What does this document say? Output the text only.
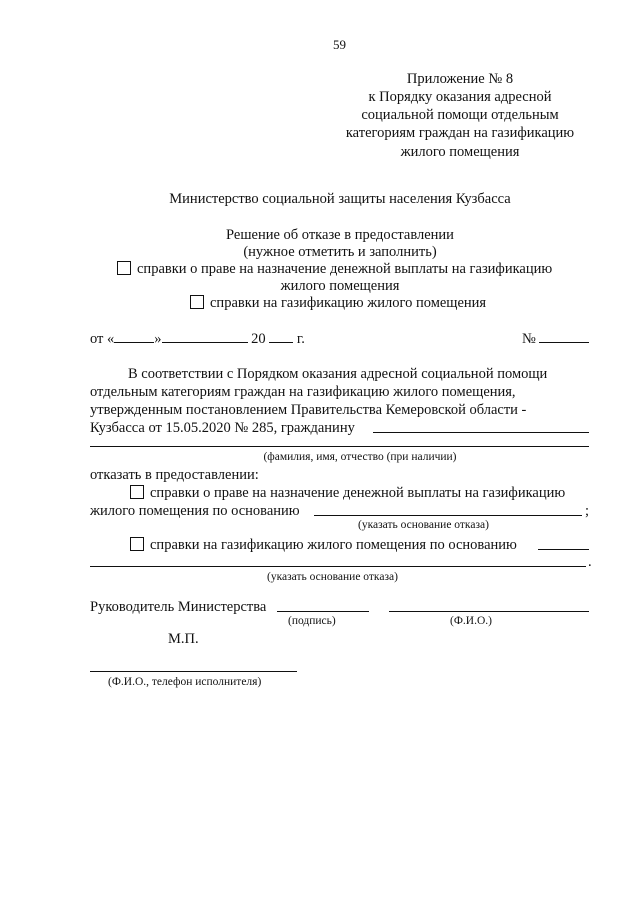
59
Приложение № 8
к Порядку оказания адресной
социальной помощи отдельным
категориям граждан на газификацию
жилого помещения
Министерство социальной защиты населения Кузбасса
Решение об отказе в предоставлении
(нужное отметить и заполнить)
справки о праве на назначение денежной выплаты на газификацию
жилого помещения
справки на газификацию жилого помещения
от «	»	20 г.	№
В соответствии с Порядком оказания адресной социальной помощи
отдельным категориям граждан на газификацию жилого помещения,
утвержденным постановлением Правительства Кемеровской области -
Кузбасса от 15.05.2020 № 285, гражданину
(фамилия, имя, отчество (при наличии)
отказать в предоставлении:
справки о праве на назначение денежной выплаты на газификацию
жилого помещения по основанию	;
(указать основание отказа)
справки на газификацию жилого помещения по основанию
.
(указать основание отказа)
Руководитель Министерства
(подпись)	(Ф.И.О.)
М.П.
(Ф.И.О., телефон исполнителя)
